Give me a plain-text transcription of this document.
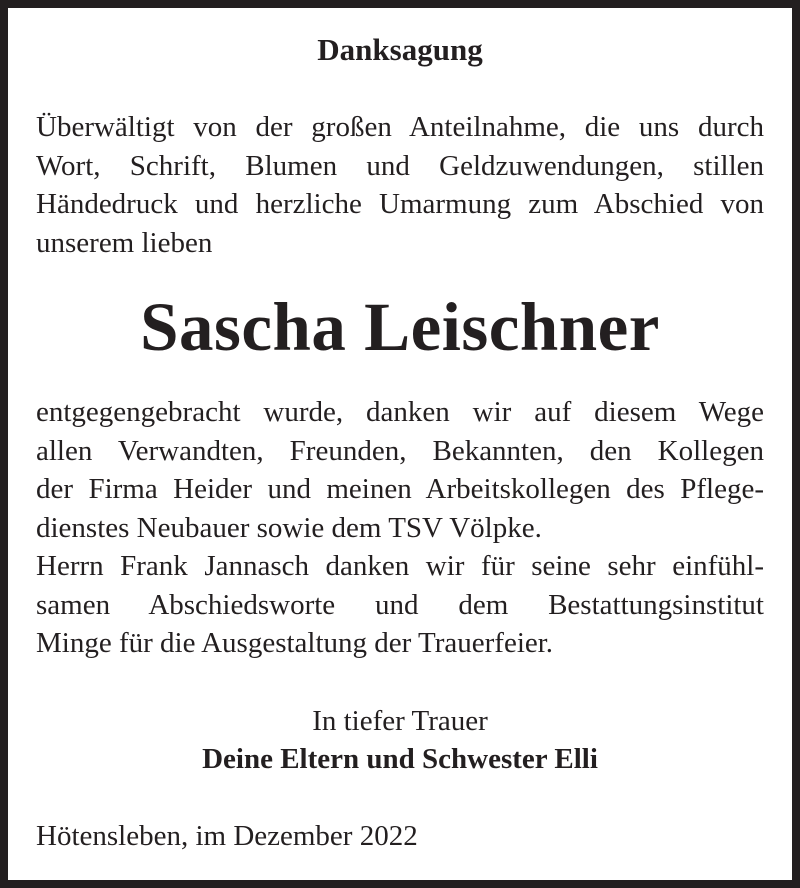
Danksagung
Überwältigt von der großen Anteilnahme, die uns durch
Wort, Schrift, Blumen und Geldzuwendungen, stillen
Händedruck und herzliche Umarmung zum Abschied von
unserem lieben
Sascha Leischner
entgegengebracht wurde, danken wir auf diesem Wege
allen Verwandten, Freunden, Bekannten, den Kollegen
der Firma Heider und meinen Arbeitskollegen des Pflege-
dienstes Neubauer sowie dem TSV Völpke.
Herrn Frank Jannasch danken wir für seine sehr einfühl-
samen Abschiedsworte und dem Bestattungsinstitut
Minge für die Ausgestaltung der Trauerfeier.

In tiefer Trauer

Deine Eltern und Schwester Elli

Hötensleben, im Dezember 2022
